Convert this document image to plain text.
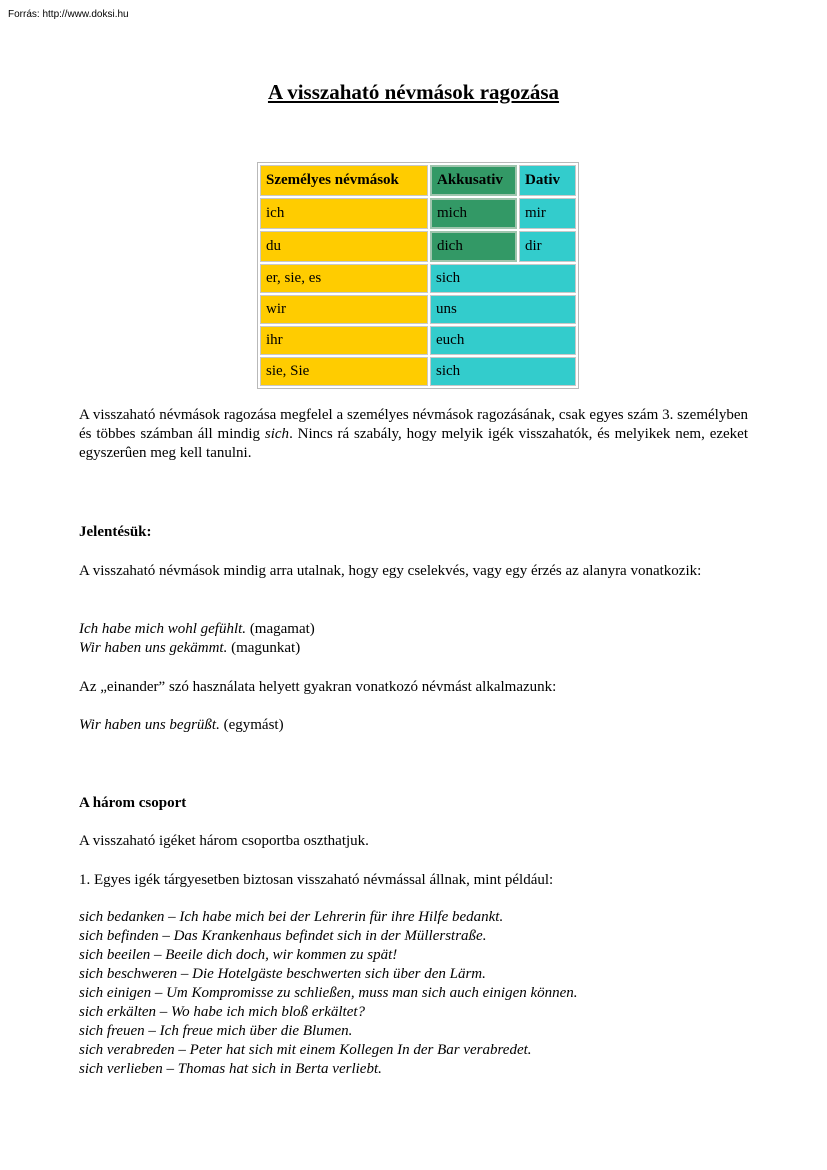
Forrás: http://www.doksi.hu
A visszaható névmások ragozása
Személyes névmások	Akkusativ	Dativ
ich	mich	mir
du	dich	dir
er, sie, es	sich	
wir	uns	
ihr	euch	
sie, Sie	sich	
A visszaható névmások ragozása megfelel a személyes névmások ragozásának, csak egyes szám 3. személyben és többes számban áll mindig sich. Nincs rá szabály, hogy melyik igék visszahatók, és melyikek nem, ezeket egyszerûen meg kell tanulni.
Jelentésük:
A visszaható névmások mindig arra utalnak, hogy egy cselekvés, vagy egy érzés az alanyra vonatkozik:
Ich habe mich wohl gefühlt. (magamat)
Wir haben uns gekämmt. (magunkat)
Az „einander” szó használata helyett gyakran vonatkozó névmást alkalmazunk:
Wir haben uns begrüßt. (egymást)
A három csoport
A visszaható igéket három csoportba oszthatjuk.
1. Egyes igék tárgyesetben biztosan visszaható névmással állnak, mint például:
sich bedanken – Ich habe mich bei der Lehrerin für ihre Hilfe bedankt.
sich befinden – Das Krankenhaus befindet sich in der Müllerstraße.
sich beeilen – Beeile dich doch, wir kommen zu spät!
sich beschweren – Die Hotelgäste beschwerten sich über den Lärm.
sich einigen – Um Kompromisse zu schließen, muss man sich auch einigen können.
sich erkälten – Wo habe ich mich bloß erkältet?
sich freuen – Ich freue mich über die Blumen.
sich verabreden – Peter hat sich mit einem Kollegen In der Bar verabredet.
sich verlieben – Thomas hat sich in Berta verliebt.
